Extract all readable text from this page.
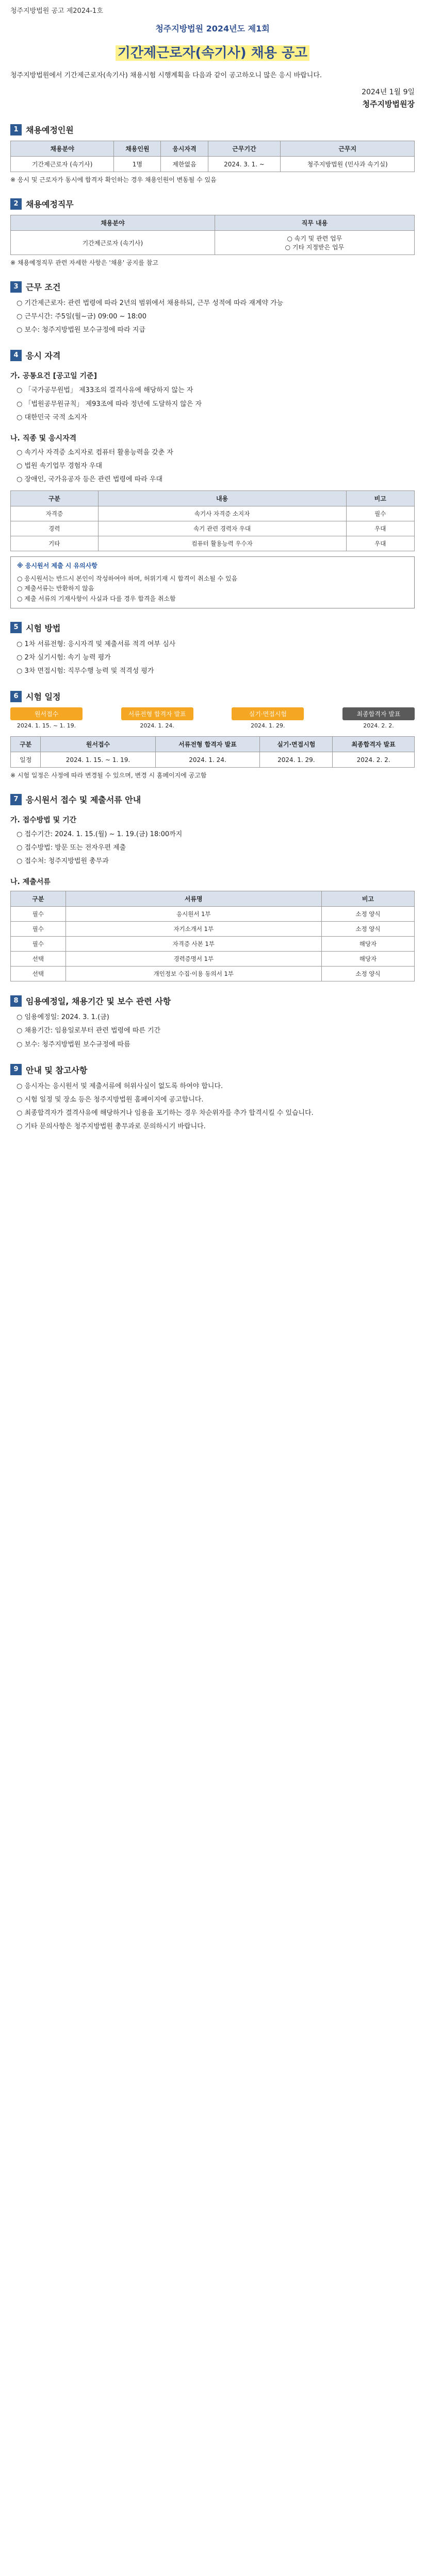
청주지방법원 공고 제2024-1호
청주지방법원 2024년도 제1회
기간제근로자(속기사) 채용 공고
청주지방법원에서 기간제근로자(속기사) 채용시험 시행계획을 다음과 같이 공고하오니 많은 응시 바랍니다.
2024년 1월 9일
청주지방법원장
1 채용예정인원
채용분야	채용인원	응시자격	근무기간	근무지
기간제근로자 (속기사)	1명	제한없음	2024. 3. 1. ~	청주지방법원 (민사과 속기실)
※ 응시 및 근로자가 동시에 합격자 확인하는 경우 채용인원이 변동될 수 있음
2 채용예정직무
채용분야	직무 내용
기간제근로자 (속기사)	○ 속기 및 관련 업무
○ 기타 지정받은 업무
※ 채용예정직무 관련 자세한 사항은 '채용' 공지를 참고
3 근무 조건
○ 기간제근로자: 관련 법령에 따라 2년의 범위에서 채용하되, 근무 성적에 따라 재계약 가능
○ 근무시간: 주5일(월~금) 09:00 ~ 18:00
○ 보수: 청주지방법원 보수규정에 따라 지급
4 응시 자격
가. 공통요건 [공고일 기준]
○ 「국가공무원법」 제33조의 결격사유에 해당하지 않는 자
○ 「법원공무원규칙」 제93조에 따라 정년에 도달하지 않은 자
○ 대한민국 국적 소지자
나. 직종 및 응시자격
○ 속기사 자격증 소지자로 컴퓨터 활용능력을 갖춘 자
○ 법원 속기업무 경험자 우대
○ 장애인, 국가유공자 등은 관련 법령에 따라 우대
구분	내용	비고
자격증	속기사 자격증 소지자	필수
경력	속기 관련 경력자 우대	우대
기타	컴퓨터 활용능력 우수자	우대
※ 응시원서 제출 시 유의사항
○ 응시원서는 반드시 본인이 작성하여야 하며, 허위기재 시 합격이 취소될 수 있음
○ 제출서류는 반환하지 않음
○ 제출 서류의 기재사항이 사실과 다를 경우 합격을 취소함
5 시험 방법
○ 1차 서류전형: 응시자격 및 제출서류 적격 여부 심사
○ 2차 실기시험: 속기 능력 평가
○ 3차 면접시험: 직무수행 능력 및 적격성 평가
6 시험 일정
원서접수
2024. 1. 15. ~ 1. 19.
서류전형 합격자 발표
2024. 1. 24.
실기·면접시험
2024. 1. 29.
최종합격자 발표
2024. 2. 2.
구분	원서접수	서류전형 합격자 발표	실기·면접시험	최종합격자 발표
일정	2024. 1. 15. ~ 1. 19.	2024. 1. 24.	2024. 1. 29.	2024. 2. 2.
※ 시험 일정은 사정에 따라 변경될 수 있으며, 변경 시 홈페이지에 공고함
7 응시원서 접수 및 제출서류 안내
가. 접수방법 및 기간
○ 접수기간: 2024. 1. 15.(월) ~ 1. 19.(금) 18:00까지
○ 접수방법: 방문 또는 전자우편 제출
○ 접수처: 청주지방법원 총무과
나. 제출서류
구분	서류명	비고
필수	응시원서 1부	소정 양식
필수	자기소개서 1부	소정 양식
필수	자격증 사본 1부	해당자
선택	경력증명서 1부	해당자
선택	개인정보 수집·이용 동의서 1부	소정 양식
8 임용예정일, 채용기간 및 보수 관련 사항
○ 임용예정일: 2024. 3. 1.(금)
○ 채용기간: 임용일로부터 관련 법령에 따른 기간
○ 보수: 청주지방법원 보수규정에 따름
9 안내 및 참고사항
○ 응시자는 응시원서 및 제출서류에 허위사실이 없도록 하여야 합니다.
○ 시험 일정 및 장소 등은 청주지방법원 홈페이지에 공고합니다.
○ 최종합격자가 결격사유에 해당하거나 임용을 포기하는 경우 차순위자를 추가 합격시킬 수 있습니다.
○ 기타 문의사항은 청주지방법원 총무과로 문의하시기 바랍니다.
